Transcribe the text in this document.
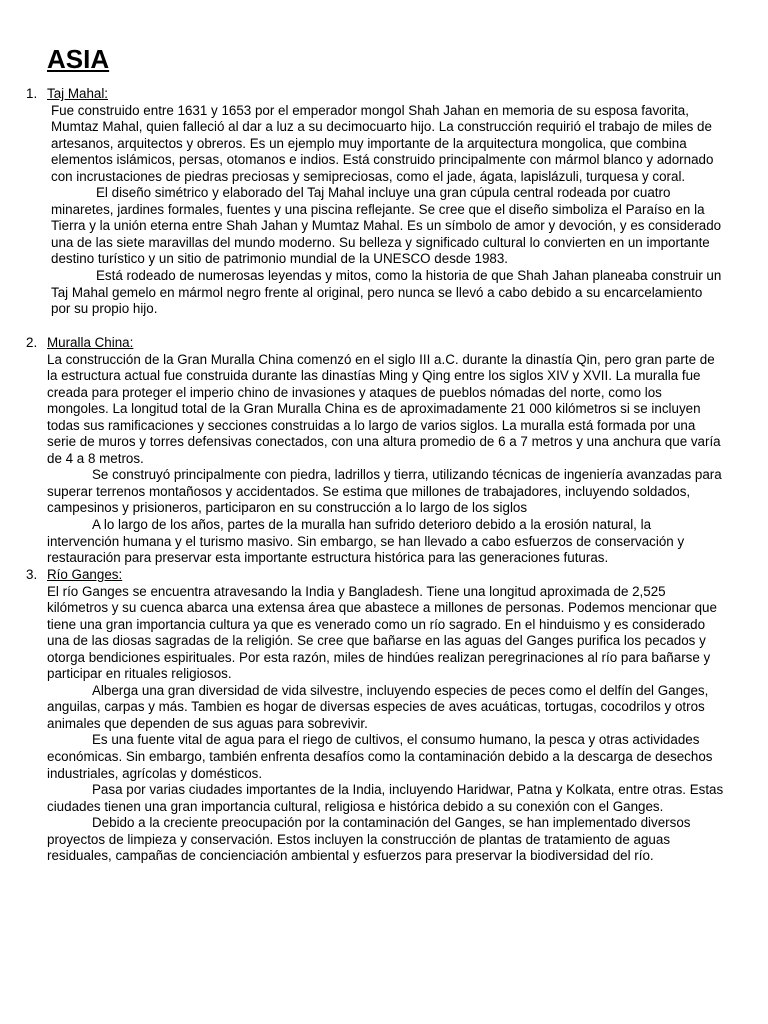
ASIA
1. Taj Mahal:

Fue construido entre 1631 y 1653 por el emperador mongol Shah Jahan en memoria de su esposa favorita, Mumtaz Mahal, quien falleció al dar a luz a su decimocuarto hijo. La construcción requirió el trabajo de miles de artesanos, arquitectos y obreros. Es un ejemplo muy importante de la arquitectura mongolica, que combina elementos islámicos, persas, otomanos e indios. Está construido principalmente con mármol blanco y adornado con incrustaciones de piedras preciosas y semipreciosas, como el jade, ágata, lapislázuli, turquesa y coral.

El diseño simétrico y elaborado del Taj Mahal incluye una gran cúpula central rodeada por cuatro minaretes, jardines formales, fuentes y una piscina reflejante. Se cree que el diseño simboliza el Paraíso en la Tierra y la unión eterna entre Shah Jahan y Mumtaz Mahal. Es un símbolo de amor y devoción, y es considerado una de las siete maravillas del mundo moderno. Su belleza y significado cultural lo convierten en un importante destino turístico y un sitio de patrimonio mundial de la UNESCO desde 1983.

Está rodeado de numerosas leyendas y mitos, como la historia de que Shah Jahan planeaba construir un Taj Mahal gemelo en mármol negro frente al original, pero nunca se llevó a cabo debido a su encarcelamiento por su propio hijo.

2. Muralla China:

La construcción de la Gran Muralla China comenzó en el siglo III a.C. durante la dinastía Qin, pero gran parte de la estructura actual fue construida durante las dinastías Ming y Qing entre los siglos XIV y XVII. La muralla fue creada para proteger el imperio chino de invasiones y ataques de pueblos nómadas del norte, como los mongoles. La longitud total de la Gran Muralla China es de aproximadamente 21 000 kilómetros si se incluyen todas sus ramificaciones y secciones construidas a lo largo de varios siglos. La muralla está formada por una serie de muros y torres defensivas conectados, con una altura promedio de 6 a 7 metros y una anchura que varía de 4 a 8 metros.

Se construyó principalmente con piedra, ladrillos y tierra, utilizando técnicas de ingeniería avanzadas para superar terrenos montañosos y accidentados. Se estima que millones de trabajadores, incluyendo soldados, campesinos y prisioneros, participaron en su construcción a lo largo de los siglos

A lo largo de los años, partes de la muralla han sufrido deterioro debido a la erosión natural, la intervención humana y el turismo masivo. Sin embargo, se han llevado a cabo esfuerzos de conservación y restauración para preservar esta importante estructura histórica para las generaciones futuras.

3. Río Ganges:

El río Ganges se encuentra atravesando la India y Bangladesh. Tiene una longitud aproximada de 2,525 kilómetros y su cuenca abarca una extensa área que abastece a millones de personas. Podemos mencionar que tiene una gran importancia cultura ya que es venerado como un río sagrado. En el hinduismo y es considerado una de las diosas sagradas de la religión. Se cree que bañarse en las aguas del Ganges purifica los pecados y otorga bendiciones espirituales. Por esta razón, miles de hindúes realizan peregrinaciones al río para bañarse y participar en rituales religiosos.

Alberga una gran diversidad de vida silvestre, incluyendo especies de peces como el delfín del Ganges, anguilas, carpas y más. Tambien es hogar de diversas especies de aves acuáticas, tortugas, cocodrilos y otros animales que dependen de sus aguas para sobrevivir.

Es una fuente vital de agua para el riego de cultivos, el consumo humano, la pesca y otras actividades económicas. Sin embargo, también enfrenta desafíos como la contaminación debido a la descarga de desechos industriales, agrícolas y domésticos.

Pasa por varias ciudades importantes de la India, incluyendo Haridwar, Patna y Kolkata, entre otras. Estas ciudades tienen una gran importancia cultural, religiosa e histórica debido a su conexión con el Ganges.

Debido a la creciente preocupación por la contaminación del Ganges, se han implementado diversos proyectos de limpieza y conservación. Estos incluyen la construcción de plantas de tratamiento de aguas residuales, campañas de concienciación ambiental y esfuerzos para preservar la biodiversidad del río.
